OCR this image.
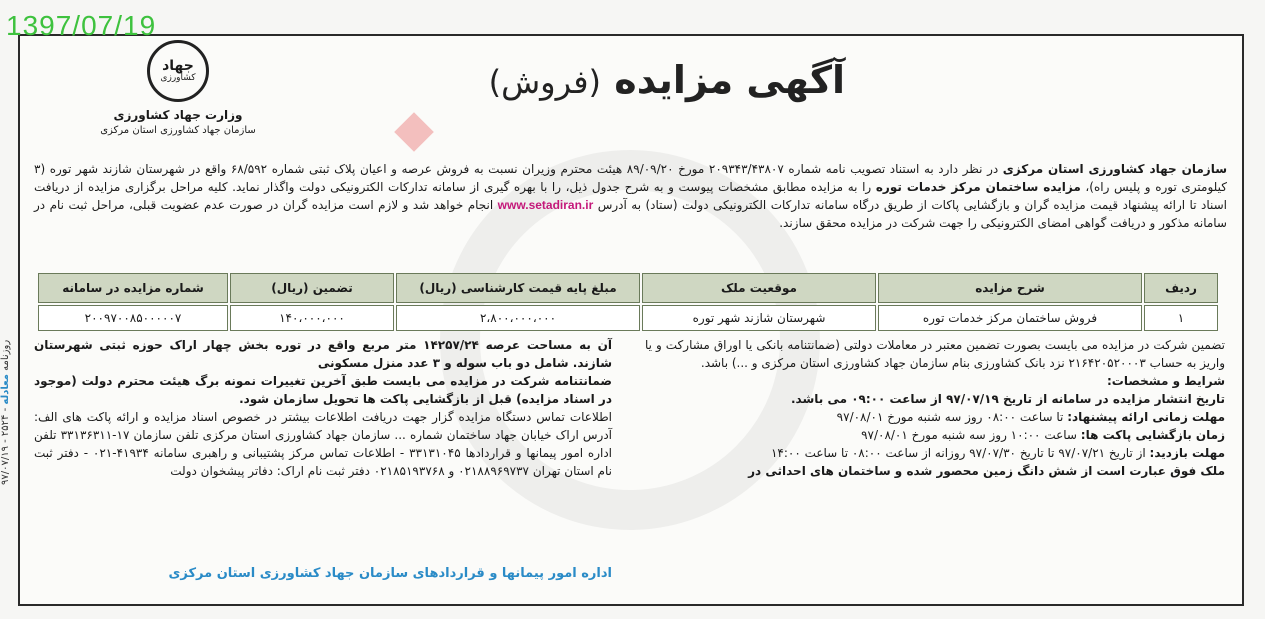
1397/07/19
جهاد
کشاورزی
وزارت جهاد کشاورزی
سازمان جهاد کشاورزی استان مرکزی
آگهی مزایده (فروش)
سازمان جهاد کشاورزی استان مرکزی در نظر دارد به استناد تصویب نامه شماره ۲۰۹۳۴۳/۴۳۸۰۷ مورخ ۸۹/۰۹/۲۰ هیئت محترم وزیران نسبت به فروش عرصه و اعیان پلاک ثبتی شماره ۶۸/۵۹۲ واقع در شهرستان شازند شهر توره (۳ کیلومتری توره و پلیس راه)، مزایده ساختمان مرکز خدمات توره را به مزایده مطابق مشخصات پیوست و به شرح جدول ذیل، را با بهره گیری از سامانه تدارکات الکترونیکی دولت واگذار نماید. کلیه مراحل برگزاری مزایده از دریافت اسناد تا ارائه پیشنهاد قیمت مزایده گران و بازگشایی پاکات از طریق درگاه سامانه تدارکات الکترونیکی دولت (ستاد) به آدرس www.setadiran.ir انجام خواهد شد و لازم است مزایده گران در صورت عدم عضویت قبلی، مراحل ثبت نام در سامانه مذکور و دریافت گواهی امضای الکترونیکی را جهت شرکت در مزایده محقق سازند.
ردیف	شرح مزایده	موقعیت ملک	مبلغ پایه قیمت کارشناسی (ریال)	تضمین (ریال)	شماره مزایده در سامانه
۱	فروش ساختمان مرکز خدمات توره	شهرستان شازند شهر توره	۲،۸۰۰،۰۰۰،۰۰۰	۱۴۰،۰۰۰،۰۰۰	۲۰۰۹۷۰۰۸۵۰۰۰۰۰۷

تضمین شرکت در مزایده می بایست بصورت تضمین معتبر در معاملات دولتی (ضمانتنامه بانکی یا اوراق مشارکت و یا واریز به حساب ۲۱۶۴۲۰۵۲۰۰۰۳ نزد بانک کشاورزی بنام سازمان جهاد کشاورزی استان مرکزی و ...) باشد.

شرایط و مشخصات:

تاریخ انتشار مزایده در سامانه از تاریخ ۹۷/۰۷/۱۹ از ساعت ۰۹:۰۰ می باشد.

مهلت زمانی ارائه پیشنهاد: تا ساعت ۰۸:۰۰ روز سه شنبه مورخ ۹۷/۰۸/۰۱

زمان بازگشایی پاکت ها: ساعت ۱۰:۰۰ روز سه شنبه مورخ ۹۷/۰۸/۰۱

مهلت بازدید: از تاریخ ۹۷/۰۷/۲۱ تا تاریخ ۹۷/۰۷/۳۰ روزانه از ساعت ۰۸:۰۰ تا ساعت ۱۴:۰۰

ملک فوق عبارت است از شش دانگ زمین محصور شده و ساختمان های احداثی در

آن به مساحت عرصه ۱۴۲۵۷/۲۴ متر مربع واقع در توره بخش چهار اراک حوزه ثبتی شهرستان شازند. شامل دو باب سوله و ۳ عدد منزل مسکونی

ضمانتنامه شرکت در مزایده می بایست طبق آخرین تغییرات نمونه برگ هیئت محترم دولت (موجود در اسناد مزایده) قبل از بازگشایی پاکت ها تحویل سازمان شود.

اطلاعات تماس دستگاه مزایده گزار جهت دریافت اطلاعات بیشتر در خصوص اسناد مزایده و ارائه پاکت های الف: آدرس اراک خیابان جهاد ساختمان شماره ... سازمان جهاد کشاورزی استان مرکزی تلفن سازمان ۱۷-۳۳۱۳۶۳۱۱ تلفن اداره امور پیمانها و قراردادها ۳۳۱۳۱۰۴۵ - اطلاعات تماس مرکز پشتیبانی و راهبری سامانه ۴۱۹۳۴-۰۲۱ - دفتر ثبت نام استان تهران ۰۲۱۸۸۹۶۹۷۳۷ و ۰۲۱۸۵۱۹۳۷۶۸ دفتر ثبت نام اراک: دفاتر پیشخوان دولت

اداره امور پیمانها و قراردادهای سازمان جهاد کشاورزی استان مرکزی
روزنامه معادله - ۲۵۲۴ - ۹۷/۰۷/۱۹
